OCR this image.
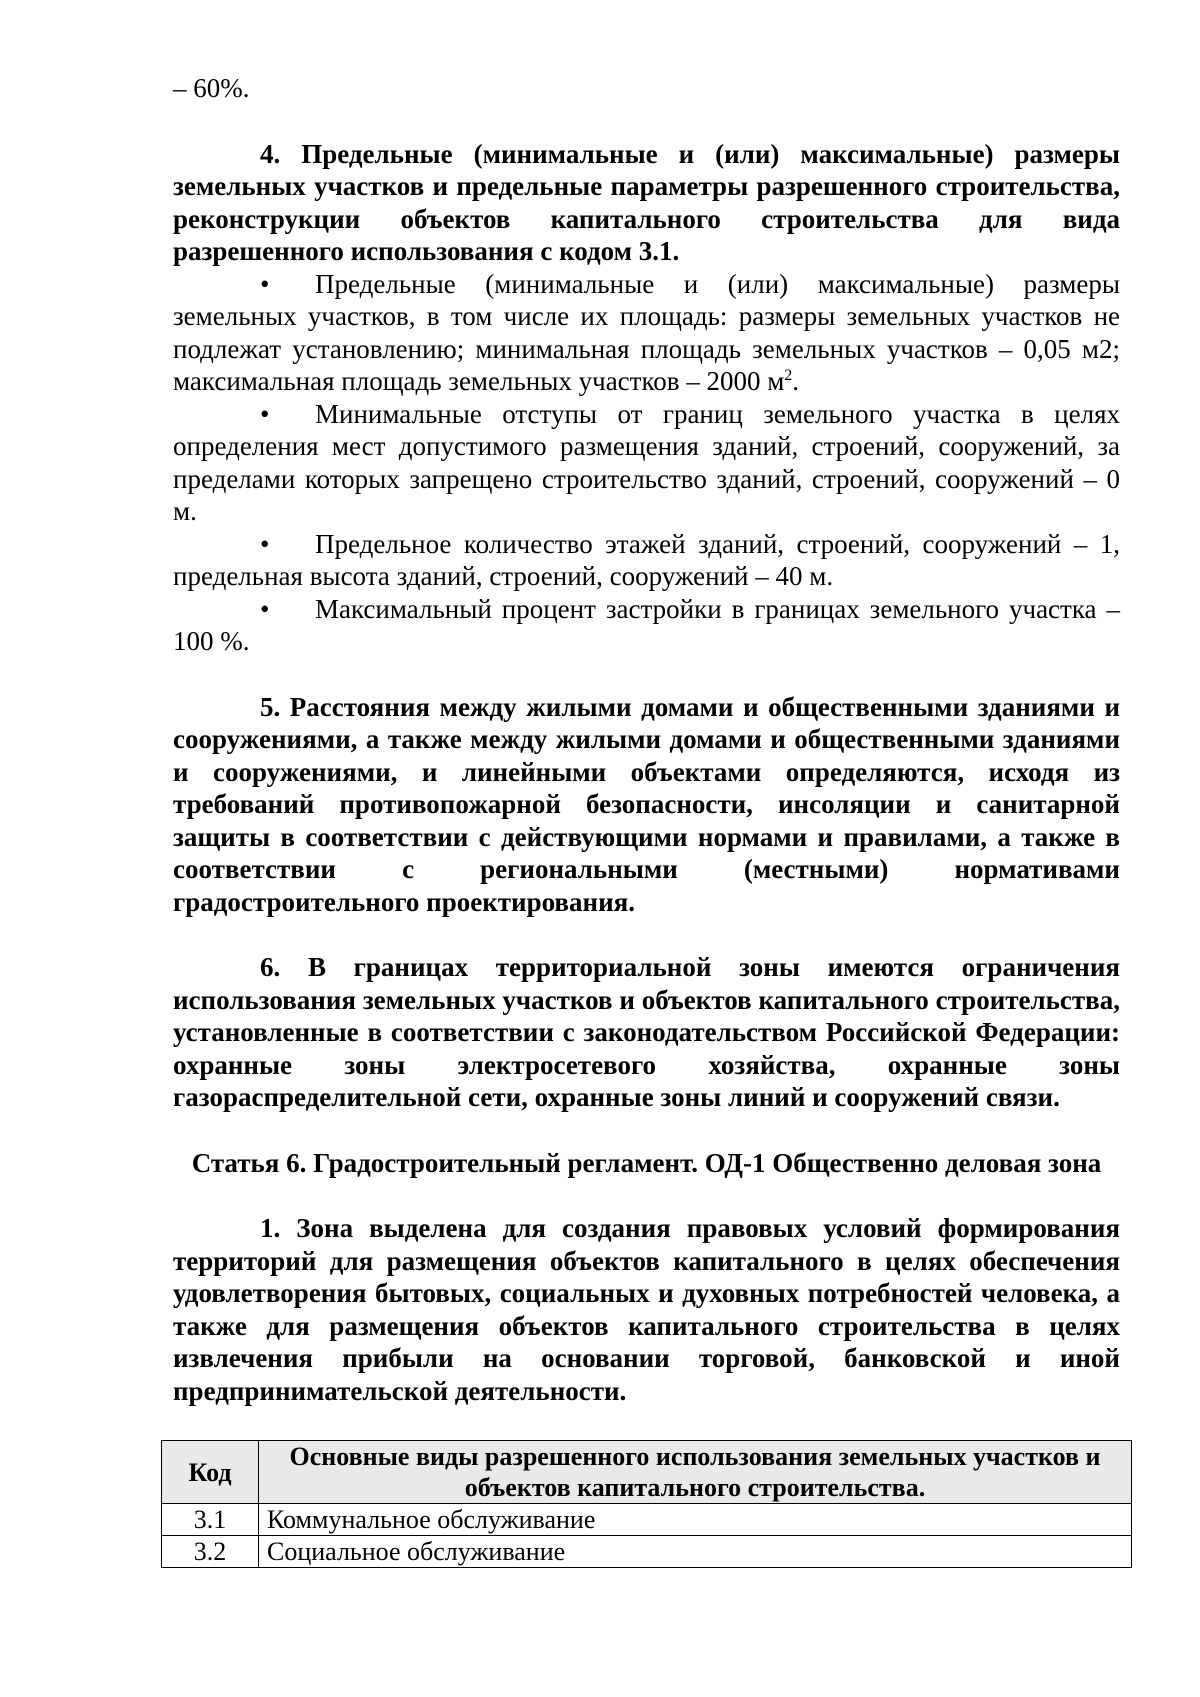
– 60%.

4. Предельные (минимальные и (или) максимальные) размеры земельных участков и предельные параметры разрешенного строительства, реконструкции объектов капитального строительства для вида разрешенного использования с кодом 3.1.

• Предельные (минимальные и (или) максимальные) размеры земельных участков, в том числе их площадь: размеры земельных участков не подлежат установлению; минимальная площадь земельных участков – 0,05 м2; максимальная площадь земельных участков – 2000 $м^2$.

• Минимальные отступы от границ земельного участка в целях определения мест допустимого размещения зданий, строений, сооружений, за пределами которых запрещено строительство зданий, строений, сооружений – 0 м.

• Предельное количество этажей зданий, строений, сооружений – 1, предельная высота зданий, строений, сооружений – 40 м.

• Максимальный процент застройки в границах земельного участка – 100 %.

5. Расстояния между жилыми домами и общественными зданиями и сооружениями, а также между жилыми домами и общественными зданиями и сооружениями, и линейными объектами определяются, исходя из требований противопожарной безопасности, инсоляции и санитарной защиты в соответствии с действующими нормами и правилами, а также в соответствии с региональными (местными) нормативами градостроительного проектирования.

6. В границах территориальной зоны имеются ограничения использования земельных участков и объектов капитального строительства, установленные в соответствии с законодательством Российской Федерации: охранные зоны электросетевого хозяйства, охранные зоны газораспределительной сети, охранные зоны линий и сооружений связи.

Статья 6. Градостроительный регламент. ОД-1 Общественно деловая зона

1. Зона выделена для создания правовых условий формирования территорий для размещения объектов капитального в целях обеспечения удовлетворения бытовых, социальных и духовных потребностей человека, а также для размещения объектов капитального строительства в целях извлечения прибыли на основании торговой, банковской и иной предпринимательской деятельности.

Код	Основные виды разрешенного использования земельных участков и объектов капитального строительства.
3.1	Коммунальное обслуживание
3.2	Социальное обслуживание
